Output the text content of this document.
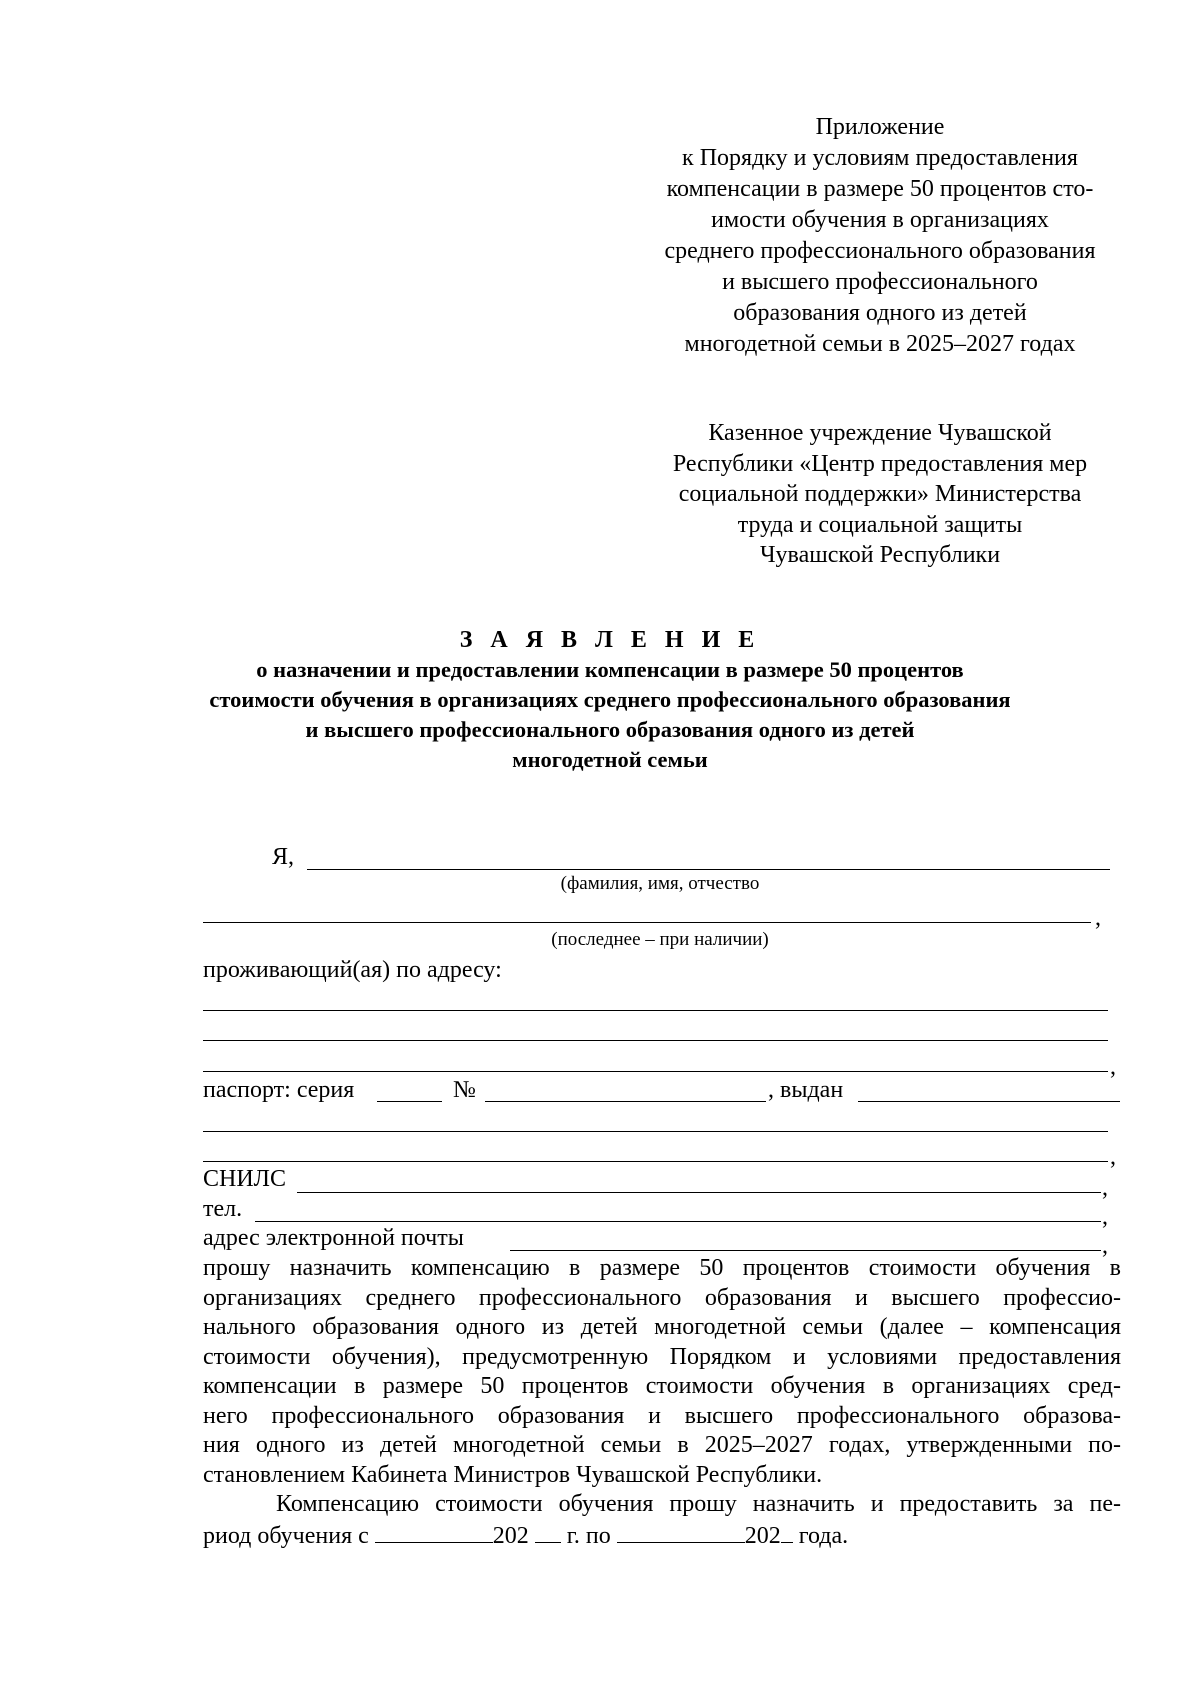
Приложение
к Порядку и условиям предоставления
компенсации в размере 50 процентов сто-
имости обучения в организациях
среднего профессионального образования
и высшего профессионального
образования одного из детей
многодетной семьи в 2025–2027 годах
Казенное учреждение Чувашской
Республики «Центр предоставления мер
социальной поддержки» Министерства
труда и социальной защиты
Чувашской Республики
З А Я В Л Е Н И Е
о назначении и предоставлении компенсации в размере 50 процентов
стоимости обучения в организациях среднего профессионального образования
и высшего профессионального образования одного из детей
многодетной семьи
Я,
(фамилия, имя, отчество
,
(последнее – при наличии)
проживающий(ая) по адресу:
,
паспорт: серия	№	, выдан
,
СНИЛС	,
тел.	,
адрес электронной почты	,
прошу назначить компенсацию в размере 50 процентов стоимости обучения в
организациях среднего профессионального образования и высшего профессио-
нального образования одного из детей многодетной семьи (далее – компенсация
стоимости обучения), предусмотренную Порядком и условиями предоставления
компенсации в размере 50 процентов стоимости обучения в организациях сред-
него профессионального образования и высшего профессионального образова-
ния одного из детей многодетной семьи в 2025–2027 годах, утвержденными по-
становлением Кабинета Министров Чувашской Республики.
Компенсацию стоимости обучения прошу назначить и предоставить за пе-
риод обучения с	202 г. по	202 года.
